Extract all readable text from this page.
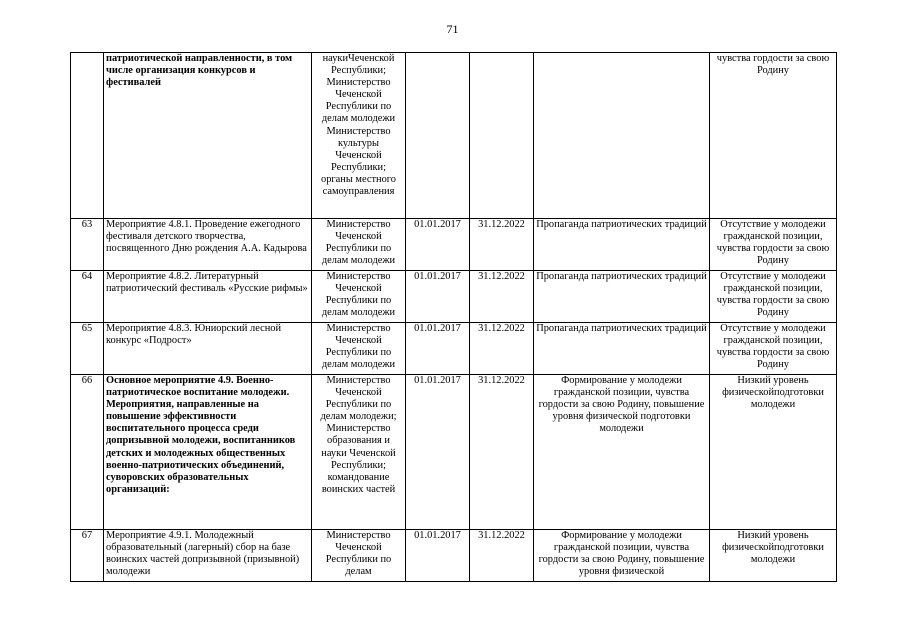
71
	патриотической направленности, в том числе организация конкурсов и фестивалей	наукиЧеченской Республики; Министерство Чеченской Республики по делам молодежи Министерство культуры Чеченской Республики; органы местного самоуправления				чувства гордости за свою Родину
63	Мероприятие 4.8.1. Проведение ежегодного фестиваля детского творчества, посвященного Дню рождения А.А. Кадырова	Министерство Чеченской Республики по делам молодежи	01.01.2017	31.12.2022	Пропаганда патриотических традиций	Отсутствие у молодежи гражданской позиции, чувства гордости за свою Родину
64	Мероприятие 4.8.2. Литературный патриотический фестиваль «Русские рифмы»	Министерство Чеченской Республики по делам молодежи	01.01.2017	31.12.2022	Пропаганда патриотических традиций	Отсутствие у молодежи гражданской позиции, чувства гордости за свою Родину
65	Мероприятие 4.8.3. Юниорский лесной конкурс «Подрост»	Министерство Чеченской Республики по делам молодежи	01.01.2017	31.12.2022	Пропаганда патриотических традиций	Отсутствие у молодежи гражданской позиции, чувства гордости за свою Родину
66	Основное мероприятие 4.9. Военно-патриотическое воспитание молодежи. Мероприятия, направленные на повышение эффективности воспитательного процесса среди допризывной молодежи, воспитанников детских и молодежных общественных военно-патриотических объединений, суворовских образовательных организаций:	Министерство Чеченской Республики по делам молодежи; Министерство образования и науки Чеченской Республики; командование воинских частей	01.01.2017	31.12.2022	Формирование у молодежи гражданской позиции, чувства гордости за свою Родину, повышение уровня физической подготовки молодежи	Низкий уровень физическойподготовки молодежи
67	Мероприятие 4.9.1. Молодежный образовательный (лагерный) сбор на базе воинских частей допризывной (призывной) молодежи	Министерство Чеченской Республики по делам	01.01.2017	31.12.2022	Формирование у молодежи гражданской позиции, чувства гордости за свою Родину, повышение уровня физической	Низкий уровень физическойподготовки молодежи
